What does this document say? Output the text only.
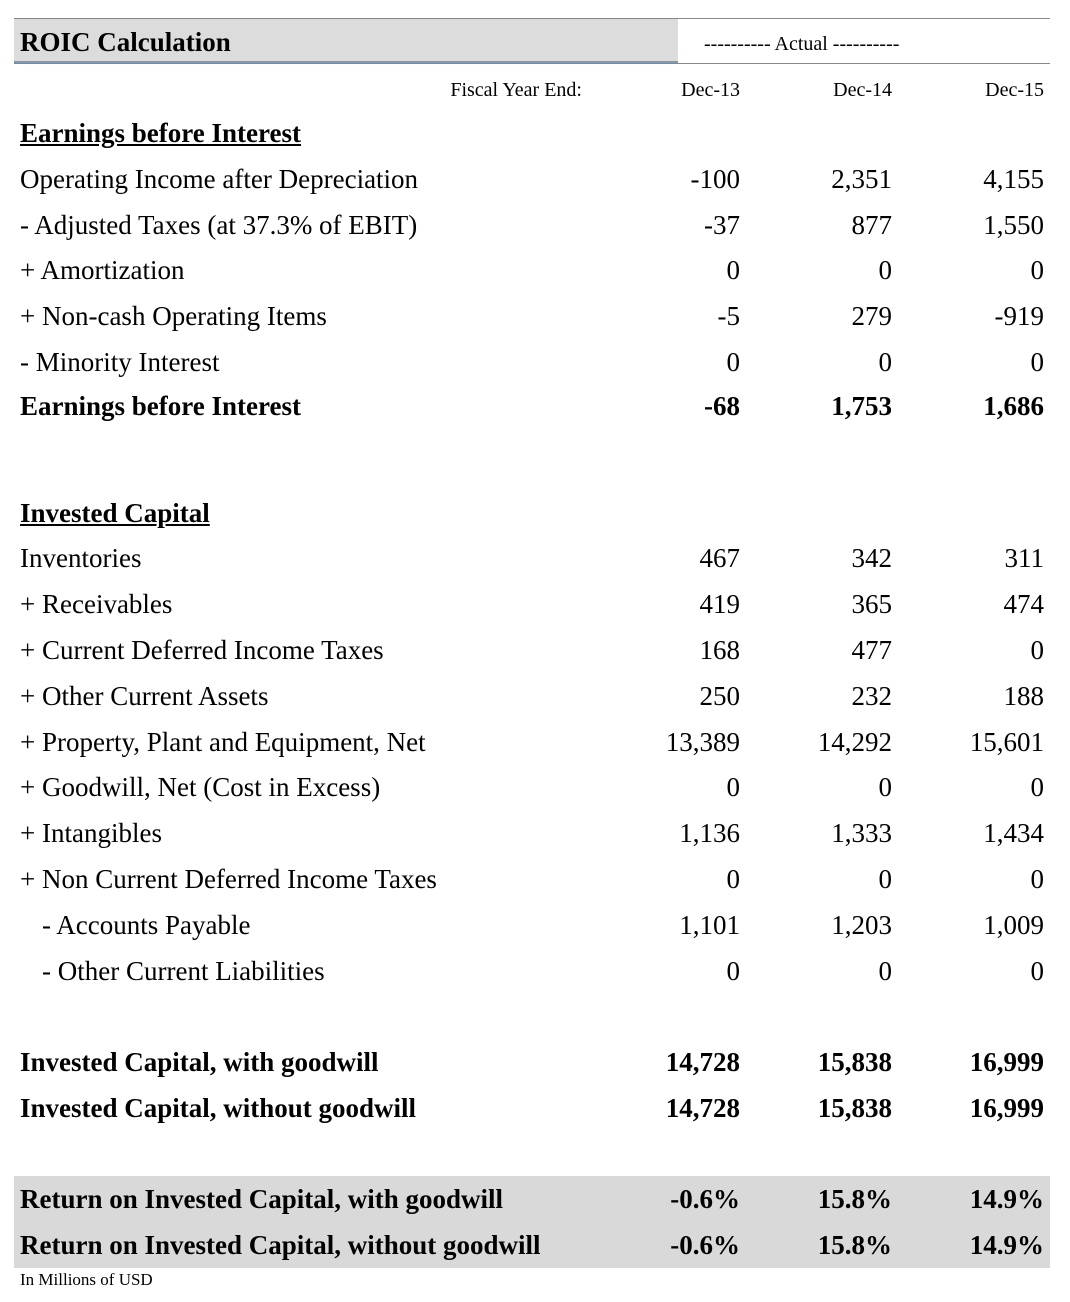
ROIC Calculation	---------- Actual ----------
Fiscal Year End:	Dec-13	Dec-14	Dec-15
Earnings before Interest
Operating Income after Depreciation	-100	2,351	4,155
- Adjusted Taxes (at 37.3% of EBIT)	-37	877	1,550
+ Amortization	0	0	0
+ Non-cash Operating Items	-5	279	-919
- Minority Interest	0	0	0
Earnings before Interest	-68	1,753	1,686
Invested Capital
Inventories	467	342	311
+ Receivables	419	365	474
+ Current Deferred Income Taxes	168	477	0
+ Other Current Assets	250	232	188
+ Property, Plant and Equipment, Net	13,389	14,292	15,601
+ Goodwill, Net (Cost in Excess)	0	0	0
+ Intangibles	1,136	1,333	1,434
+ Non Current Deferred Income Taxes	0	0	0
- Accounts Payable	1,101	1,203	1,009
- Other Current Liabilities	0	0	0
Invested Capital, with goodwill	14,728	15,838	16,999
Invested Capital, without goodwill	14,728	15,838	16,999
Return on Invested Capital, with goodwill	-0.6%	15.8%	14.9%
Return on Invested Capital, without goodwill	-0.6%	15.8%	14.9%
In Millions of USD
